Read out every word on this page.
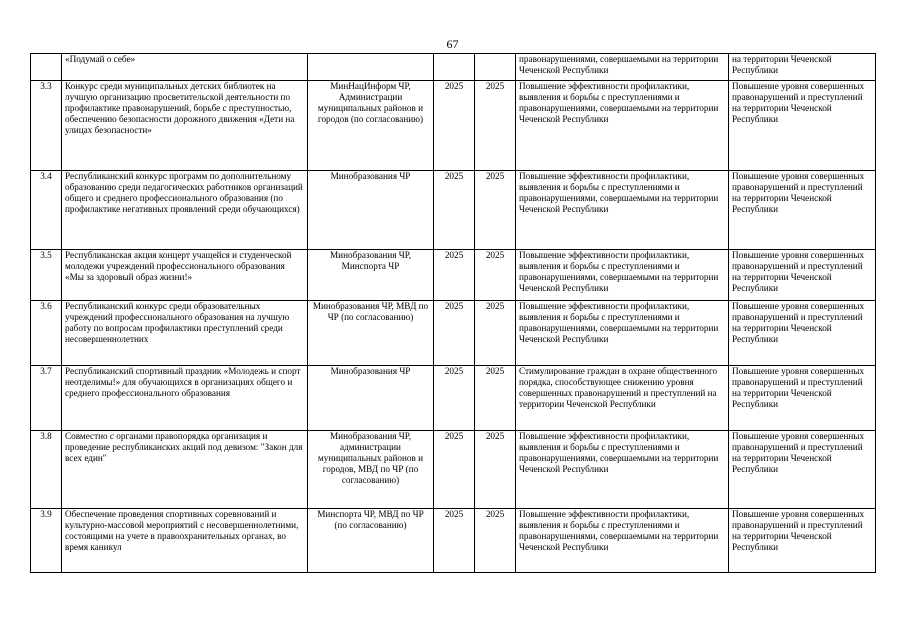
67
	«Подумай о себе»				правонарушениями, совершаемыми на территории Чеченской Республики	на территории Чеченской Республики
3.3	Конкурс среди муниципальных детских библиотек на лучшую организацию просветительской деятельности по профилактике правонарушений, борьбе с преступностью, обеспечению безопасности дорожного движения «Дети на улицах безопасности»	МинНацИнформ ЧР, Администрации муниципальных районов и городов (по согласованию)	2025	2025	Повышение эффективности профилактики, выявления и борьбы с преступлениями и правонарушениями, совершаемыми на территории Чеченской Республики	Повышение уровня совершенных правонарушений и преступлений на территории Чеченской Республики
3.4	Республиканский конкурс программ по дополнительному образованию среди педагогических работников организаций общего и среднего профессионального образования (по профилактике негативных проявлений среди обучающихся)	Минобразования ЧР	2025	2025	Повышение эффективности профилактики, выявления и борьбы с преступлениями и правонарушениями, совершаемыми на территории Чеченской Республики	Повышение уровня совершенных правонарушений и преступлений на территории Чеченской Республики
3.5	Республиканская акция концерт учащейся и студенческой молодежи учреждений профессионального образования «Мы за здоровый образ жизни!»	Минобразования ЧР, Минспорта ЧР	2025	2025	Повышение эффективности профилактики, выявления и борьбы с преступлениями и правонарушениями, совершаемыми на территории Чеченской Республики	Повышение уровня совершенных правонарушений и преступлений на территории Чеченской Республики
3.6	Республиканский конкурс среди образовательных учреждений профессионального образования на лучшую работу по вопросам профилактики преступлений среди несовершеннолетних	Минобразования ЧР, МВД по ЧР (по согласованию)	2025	2025	Повышение эффективности профилактики, выявления и борьбы с преступлениями и правонарушениями, совершаемыми на территории Чеченской Республики	Повышение уровня совершенных правонарушений и преступлений на территории Чеченской Республики
3.7	Республиканский спортивный праздник «Молодежь и спорт неотделимы!» для обучающихся в организациях общего и среднего профессионального образования	Минобразования ЧР	2025	2025	Стимулирование граждан в охране общественного порядка, способствующее снижению уровня совершенных правонарушений и преступлений на территории Чеченской Республики	Повышение уровня совершенных правонарушений и преступлений на территории Чеченской Республики
3.8	Совместно с органами правопорядка организация и проведение республиканских акций под девизом: "Закон для всех един"	Минобразования ЧР, администрации муниципальных районов и городов, МВД по ЧР (по согласованию)	2025	2025	Повышение эффективности профилактики, выявления и борьбы с преступлениями и правонарушениями, совершаемыми на территории Чеченской Республики	Повышение уровня совершенных правонарушений и преступлений на территории Чеченской Республики
3.9	Обеспечение проведения спортивных соревнований и культурно-массовой мероприятий с несовершеннолетними, состоящими на учете в правоохранительных органах, во время каникул	Минспорта ЧР, МВД по ЧР (по согласованию)	2025	2025	Повышение эффективности профилактики, выявления и борьбы с преступлениями и правонарушениями, совершаемыми на территории Чеченской Республики	Повышение уровня совершенных правонарушений и преступлений на территории Чеченской Республики
